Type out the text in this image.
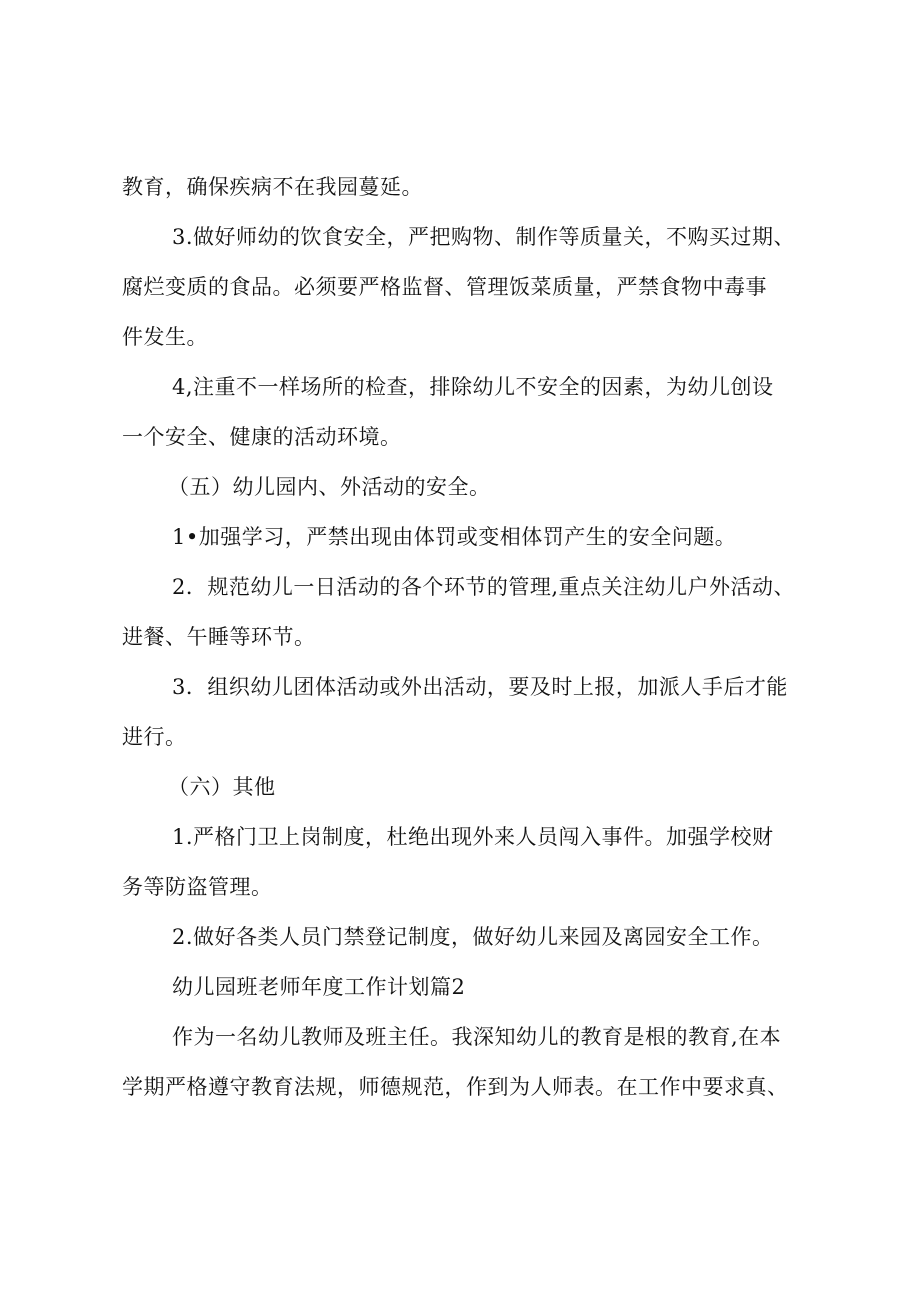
教育，确保疾病不在我园蔓延。
3.做好师幼的饮食安全，严把购物、制作等质量关，不购买过期、
腐烂变质的食品。必须要严格监督、管理饭菜质量，严禁食物中毒事
件发生。
4,注重不一样场所的检查，排除幼儿不安全的因素，为幼儿创设
一个安全、健康的活动环境。
（五）幼儿园内、外活动的安全。
1•加强学习，严禁出现由体罚或变相体罚产生的安全问题。
2．规范幼儿一日活动的各个环节的管理,重点关注幼儿户外活动、
进餐、午睡等环节。
3．组织幼儿团体活动或外出活动，要及时上报，加派人手后才能
进行。
（六）其他
1.严格门卫上岗制度，杜绝出现外来人员闯入事件。加强学校财
务等防盗管理。
2.做好各类人员门禁登记制度，做好幼儿来园及离园安全工作。
幼儿园班老师年度工作计划篇2
作为一名幼儿教师及班主任。我深知幼儿的教育是根的教育,在本
学期严格遵守教育法规，师德规范，作到为人师表。在工作中要求真、
